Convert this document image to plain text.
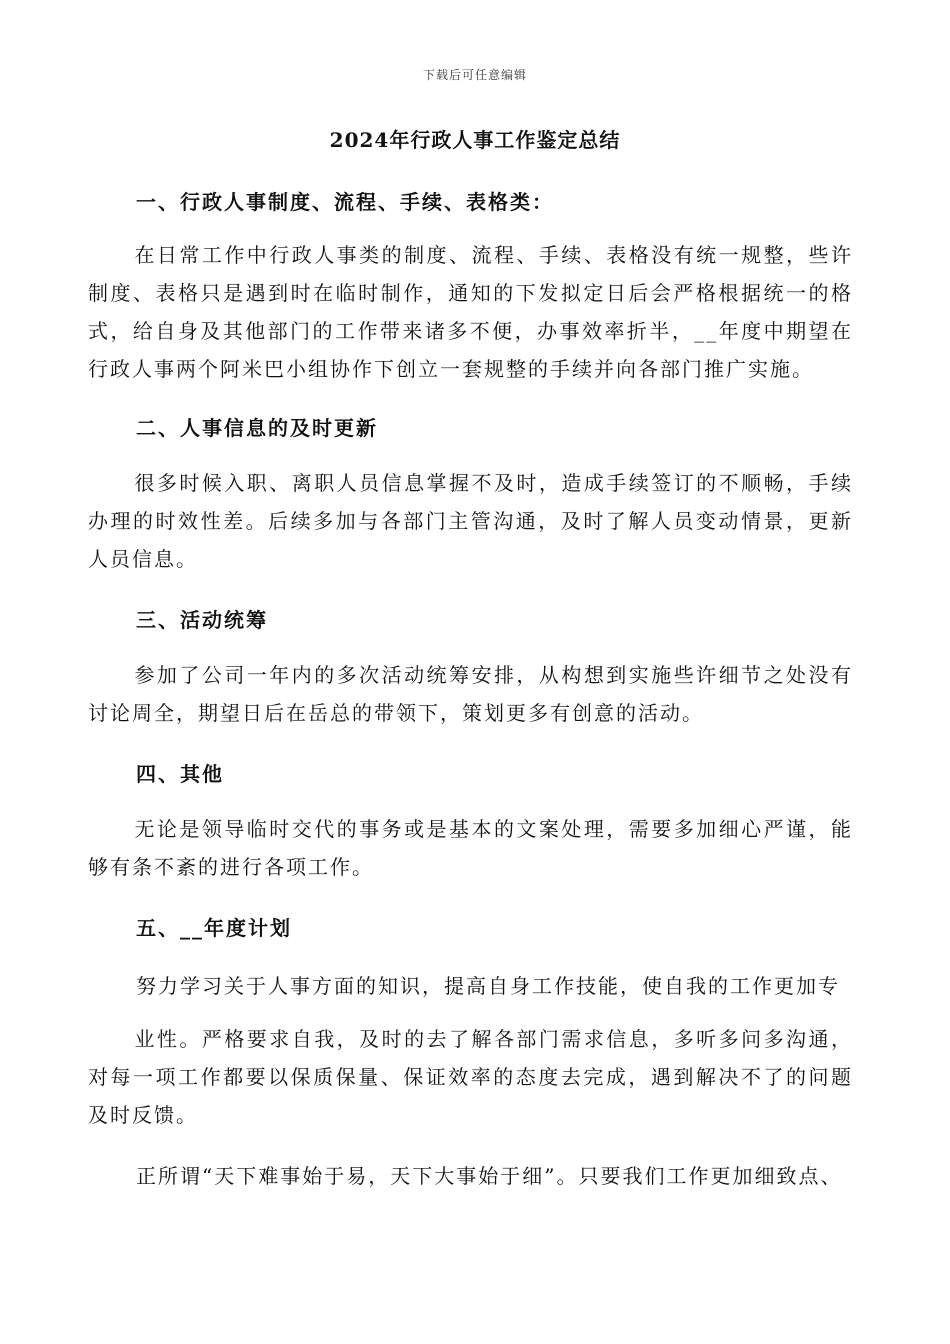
下载后可任意编辑
2024年行政人事工作鉴定总结
一、行政人事制度、流程、手续、表格类：
在日常工作中行政人事类的制度、流程、手续、表格没有统一规整，些许制度、表格只是遇到时在临时制作，通知的下发拟定日后会严格根据统一的格式，给自身及其他部门的工作带来诸多不便，办事效率折半，__年度中期望在行政人事两个阿米巴小组协作下创立一套规整的手续并向各部门推广实施。
二、人事信息的及时更新
很多时候入职、离职人员信息掌握不及时，造成手续签订的不顺畅，手续办理的时效性差。后续多加与各部门主管沟通，及时了解人员变动情景，更新人员信息。
三、活动统筹
参加了公司一年内的多次活动统筹安排，从构想到实施些许细节之处没有讨论周全，期望日后在岳总的带领下，策划更多有创意的活动。
四、其他
无论是领导临时交代的事务或是基本的文案处理，需要多加细心严谨，能够有条不紊的进行各项工作。
五、__年度计划
努力学习关于人事方面的知识，提高自身工作技能，使自我的工作更加专
业性。严格要求自我，及时的去了解各部门需求信息，多听多问多沟通，对每一项工作都要以保质保量、保证效率的态度去完成，遇到解决不了的问题及时反馈。
正所谓“天下难事始于易，天下大事始于细”。只要我们工作更加细致点、
